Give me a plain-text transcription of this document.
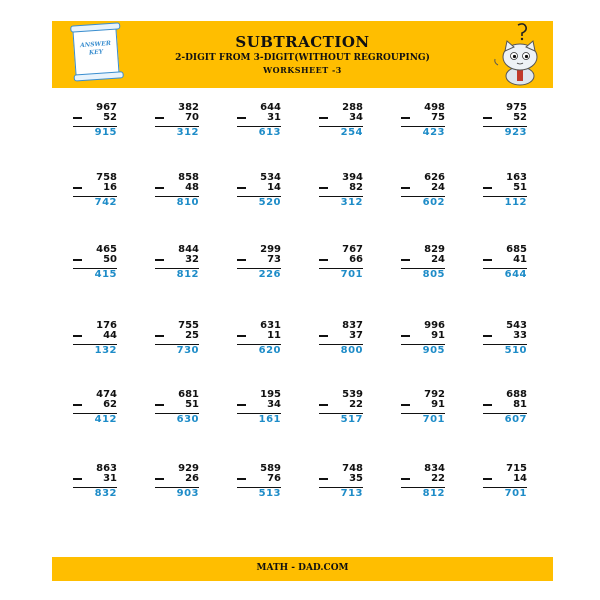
ANSWER KEY
SUBTRACTION
2-DIGIT FROM 3-DIGIT(WITHOUT REGROUPING)
WORKSHEET -3
967
52
915
382
70
312
644
31
613
288
34
254
498
75
423
975
52
923
758
16
742
858
48
810
534
14
520
394
82
312
626
24
602
163
51
112
465
50
415
844
32
812
299
73
226
767
66
701
829
24
805
685
41
644
176
44
132
755
25
730
631
11
620
837
37
800
996
91
905
543
33
510
474
62
412
681
51
630
195
34
161
539
22
517
792
91
701
688
81
607
863
31
832
929
26
903
589
76
513
748
35
713
834
22
812
715
14
701
MATH - DAD.COM
